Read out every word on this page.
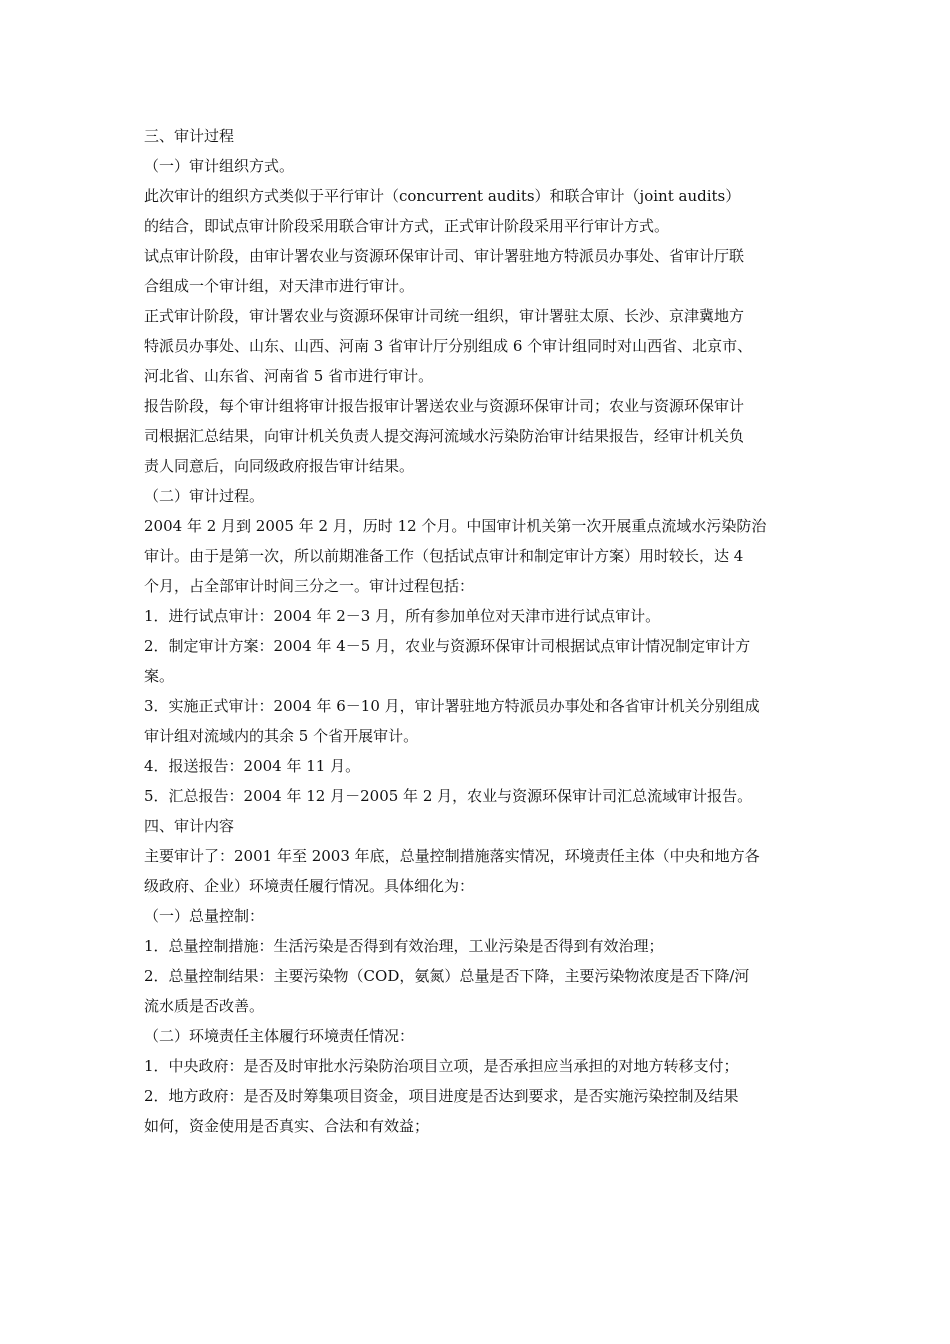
三、审计过程
（一）审计组织方式。
此次审计的组织方式类似于平行审计（concurrent audits）和联合审计（joint audits）
的结合，即试点审计阶段采用联合审计方式，正式审计阶段采用平行审计方式。
试点审计阶段，由审计署农业与资源环保审计司、审计署驻地方特派员办事处、省审计厅联
合组成一个审计组，对天津市进行审计。
正式审计阶段，审计署农业与资源环保审计司统一组织，审计署驻太原、长沙、京津冀地方
特派员办事处、山东、山西、河南 3 省审计厅分别组成 6 个审计组同时对山西省、北京市、
河北省、山东省、河南省 5 省市进行审计。
报告阶段，每个审计组将审计报告报审计署送农业与资源环保审计司；农业与资源环保审计
司根据汇总结果，向审计机关负责人提交海河流域水污染防治审计结果报告，经审计机关负
责人同意后，向同级政府报告审计结果。
（二）审计过程。
2004 年 2 月到 2005 年 2 月，历时 12 个月。中国审计机关第一次开展重点流域水污染防治
审计。由于是第一次，所以前期准备工作（包括试点审计和制定审计方案）用时较长，达 4
个月，占全部审计时间三分之一。审计过程包括：
1．进行试点审计：2004 年 2－3 月，所有参加单位对天津市进行试点审计。
2．制定审计方案：2004 年 4－5 月，农业与资源环保审计司根据试点审计情况制定审计方
案。
3．实施正式审计：2004 年 6－10 月，审计署驻地方特派员办事处和各省审计机关分别组成
审计组对流域内的其余 5 个省开展审计。
4．报送报告：2004 年 11 月。
5．汇总报告：2004 年 12 月－2005 年 2 月，农业与资源环保审计司汇总流域审计报告。
四、审计内容
主要审计了：2001 年至 2003 年底，总量控制措施落实情况，环境责任主体（中央和地方各
级政府、企业）环境责任履行情况。具体细化为：
（一）总量控制：
1．总量控制措施：生活污染是否得到有效治理，工业污染是否得到有效治理；
2．总量控制结果：主要污染物（COD，氨氮）总量是否下降，主要污染物浓度是否下降/河
流水质是否改善。
（二）环境责任主体履行环境责任情况：
1．中央政府：是否及时审批水污染防治项目立项，是否承担应当承担的对地方转移支付；
2．地方政府：是否及时筹集项目资金，项目进度是否达到要求，是否实施污染控制及结果
如何，资金使用是否真实、合法和有效益；
